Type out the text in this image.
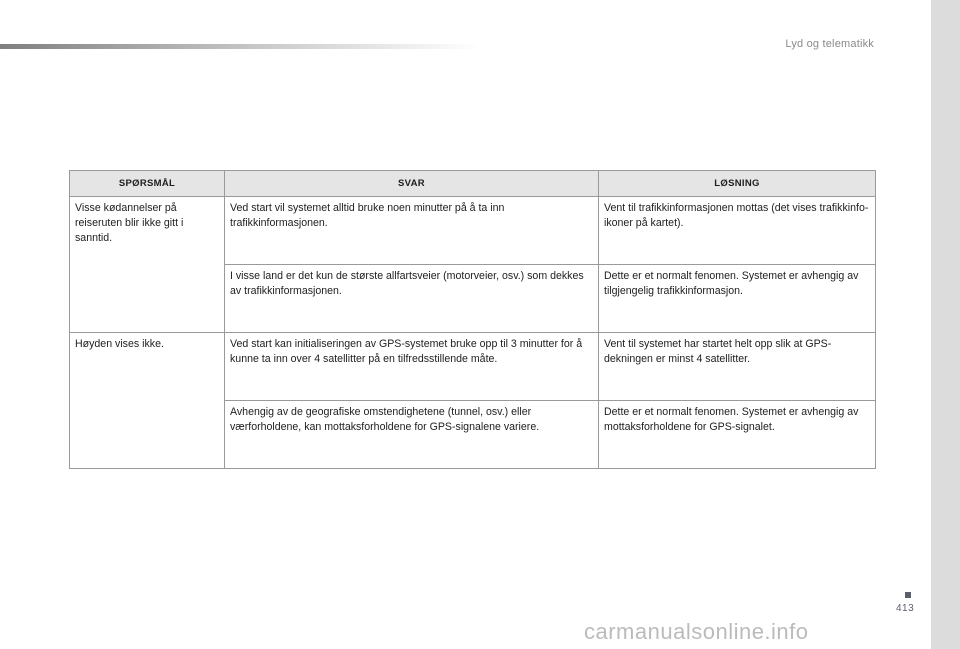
Lyd og telematikk
SPØRSMÅL	SVAR	LØSNING
Visse kødannelser på reiseruten blir ikke gitt i sanntid.	Ved start vil systemet alltid bruke noen minutter på å ta inn trafikkinformasjonen.	Vent til trafikkinformasjonen mottas (det vises trafikkinfo-ikoner på kartet).
	I visse land er det kun de største allfartsveier (motorveier, osv.) som dekkes av trafikkinformasjonen.	Dette er et normalt fenomen. Systemet er avhengig av tilgjengelig trafikkinformasjon.
Høyden vises ikke.	Ved start kan initialiseringen av GPS-systemet bruke opp til 3 minutter for å kunne ta inn over 4 satellitter på en tilfredsstillende måte.	Vent til systemet har startet helt opp slik at GPS-dekningen er minst 4 satellitter.
	Avhengig av de geografiske omstendighetene (tunnel, osv.) eller værforholdene, kan mottaksforholdene for GPS-signalene variere.	Dette er et normalt fenomen. Systemet er avhengig av mottaksforholdene for GPS-signalet.
413
carmanualsonline.info
